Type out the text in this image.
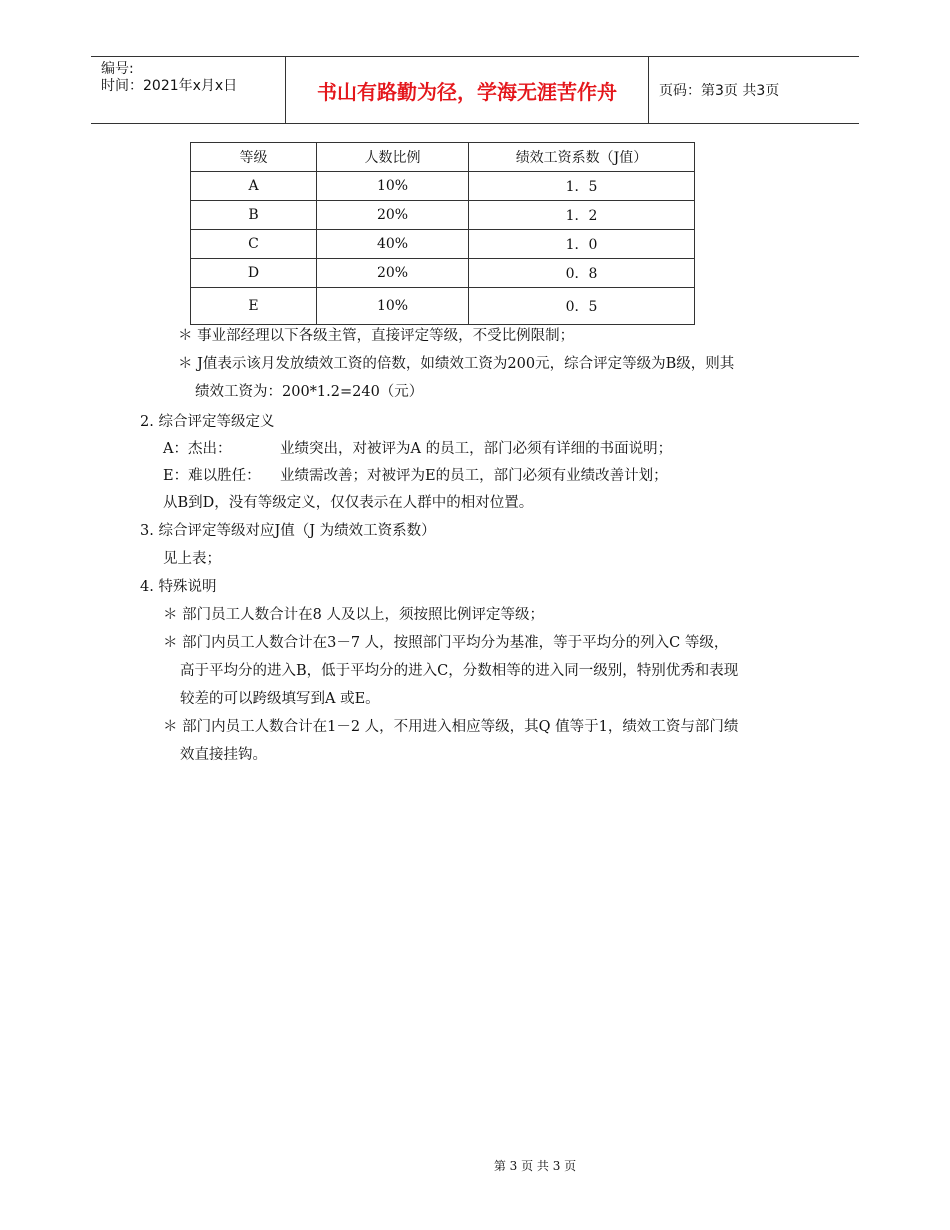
编号:
时间：2021年x月x日	书山有路勤为径，学海无涯苦作舟	页码：第3页 共3页
等级	人数比例	绩效工资系数（J值）
A	10%	1．5
B	20%	1．2
C	40%	1．0
D	20%	0．8
E	10%	0．5
＊ 事业部经理以下各级主管，直接评定等级，不受比例限制；
＊ J值表示该月发放绩效工资的倍数，如绩效工资为200元，综合评定等级为B级，则其
绩效工资为：200*1.2=240（元）
2. 综合评定等级定义
A：杰出：	业绩突出，对被评为A 的员工，部门必须有详细的书面说明；
E：难以胜任： 业绩需改善；对被评为E的员工，部门必须有业绩改善计划；
从B到D，没有等级定义，仅仅表示在人群中的相对位置。
3. 综合评定等级对应J值（J 为绩效工资系数）
见上表；
4. 特殊说明
＊ 部门员工人数合计在8 人及以上，须按照比例评定等级；
＊ 部门内员工人数合计在3－7 人，按照部门平均分为基准，等于平均分的列入C 等级，
高于平均分的进入B，低于平均分的进入C，分数相等的进入同一级别，特别优秀和表现
较差的可以跨级填写到A 或E。
＊ 部门内员工人数合计在1－2 人，不用进入相应等级，其Q 值等于1，绩效工资与部门绩
效直接挂钩。
第 3 页 共 3 页
